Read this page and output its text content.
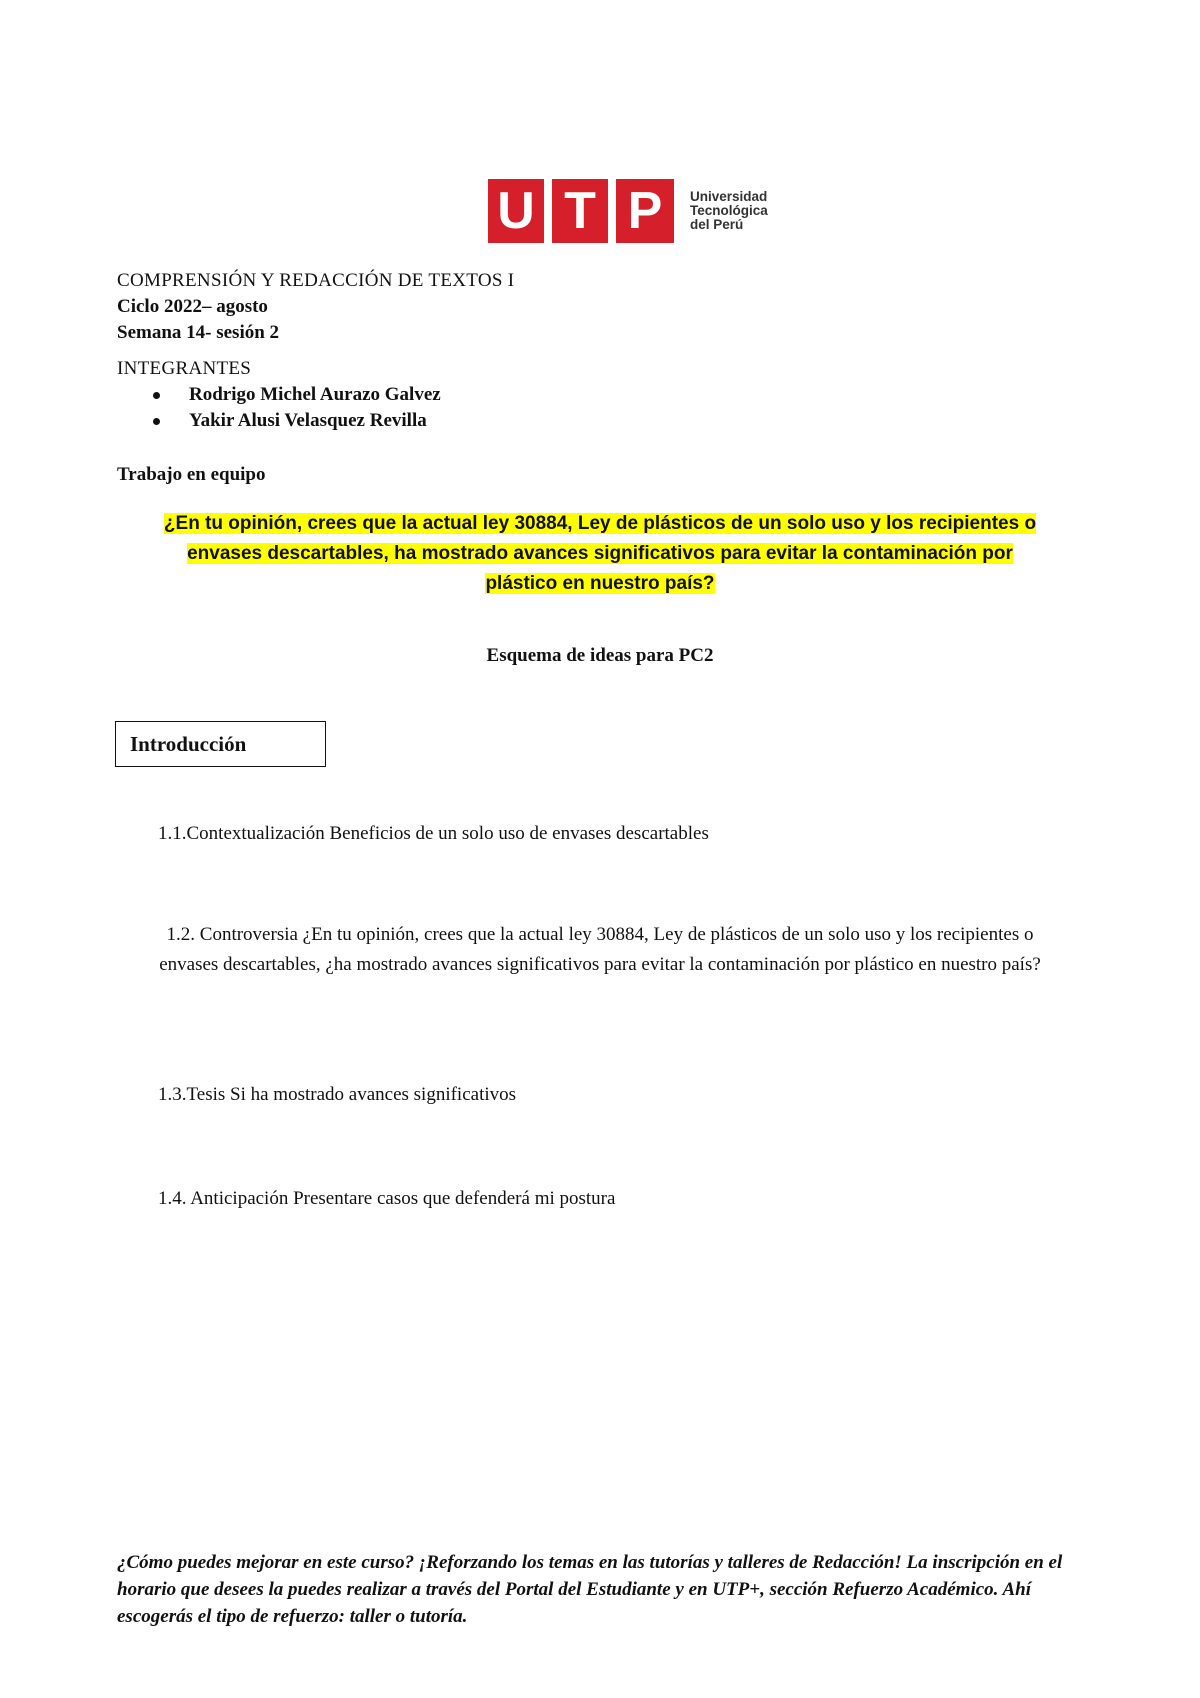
U T P	Universidad
Tecnológica
del Perú
COMPRENSIÓN Y REDACCIÓN DE TEXTOS I
Ciclo 2022– agosto
Semana 14- sesión 2
INTEGRANTES
Rodrigo Michel Aurazo Galvez
Yakir Alusi Velasquez Revilla
Trabajo en equipo
¿En tu opinión, crees que la actual ley 30884, Ley de plásticos de un solo uso y los recipientes o envases descartables, ha mostrado avances significativos para evitar la contaminación por plástico en nuestro país?
Esquema de ideas para PC2
Introducción
1.1.Contextualización Beneficios de un solo uso de envases descartables
1.2. Controversia ¿En tu opinión, crees que la actual ley 30884, Ley de plásticos de un solo uso y los recipientes o envases descartables, ¿ha mostrado avances significativos para evitar la contaminación por plástico en nuestro país?
1.3.Tesis Si ha mostrado avances significativos
1.4. Anticipación Presentare casos que defenderá mi postura
¿Cómo puedes mejorar en este curso? ¡Reforzando los temas en las tutorías y talleres de Redacción! La inscripción en el horario que desees la puedes realizar a través del Portal del Estudiante y en UTP+, sección Refuerzo Académico. Ahí escogerás el tipo de refuerzo: taller o tutoría.
